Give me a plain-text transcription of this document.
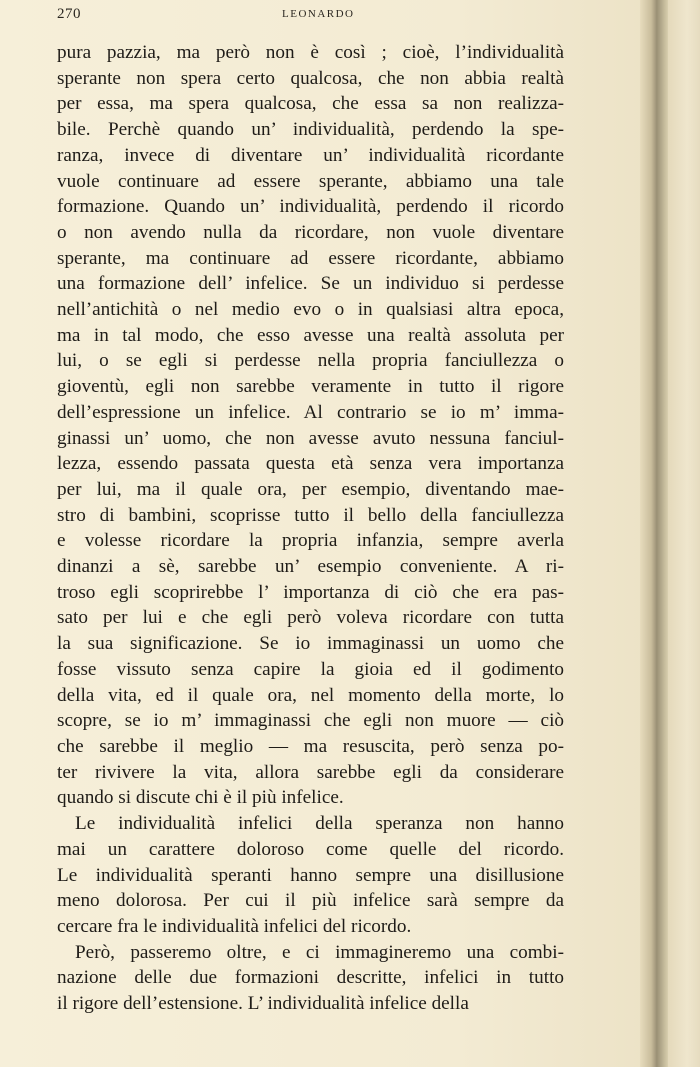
270	LEONARDO

pura pazzia, ma però non è così ; cioè, l’individualità
sperante non spera certo qualcosa, che non abbia realtà
per essa, ma spera qualcosa, che essa sa non realizza-
bile. Perchè quando un’ individualità, perdendo la spe-
ranza, invece di diventare un’ individualità ricordante
vuole continuare ad essere sperante, abbiamo una tale
formazione. Quando un’ individualità, perdendo il ricordo
o non avendo nulla da ricordare, non vuole diventare
sperante, ma continuare ad essere ricordante, abbiamo
una formazione dell’ infelice. Se un individuo si perdesse
nell’antichità o nel medio evo o in qualsiasi altra epoca,
ma in tal modo, che esso avesse una realtà assoluta per
lui, o se egli si perdesse nella propria fanciullezza o
gioventù, egli non sarebbe veramente in tutto il rigore
dell’espressione un infelice. Al contrario se io m’ imma-
ginassi un’ uomo, che non avesse avuto nessuna fanciul-
lezza, essendo passata questa età senza vera importanza
per lui, ma il quale ora, per esempio, diventando mae-
stro di bambini, scoprisse tutto il bello della fanciullezza
e volesse ricordare la propria infanzia, sempre averla
dinanzi a sè, sarebbe un’ esempio conveniente. A ri-
troso egli scoprirebbe l’ importanza di ciò che era pas-
sato per lui e che egli però voleva ricordare con tutta
la sua significazione. Se io immaginassi un uomo che
fosse vissuto senza capire la gioia ed il godimento
della vita, ed il quale ora, nel momento della morte, lo
scopre, se io m’ immaginassi che egli non muore — ciò
che sarebbe il meglio — ma resuscita, però senza po-
ter rivivere la vita, allora sarebbe egli da considerare
quando si discute chi è il più infelice.

Le individualità infelici della speranza non hanno
mai un carattere doloroso come quelle del ricordo.
Le individualità speranti hanno sempre una disillusione
meno dolorosa. Per cui il più infelice sarà sempre da
cercare fra le individualità infelici del ricordo.

Però, passeremo oltre, e ci immagineremo una combi-
nazione delle due formazioni descritte, infelici in tutto
il rigore dell’estensione. L’ individualità infelice della
